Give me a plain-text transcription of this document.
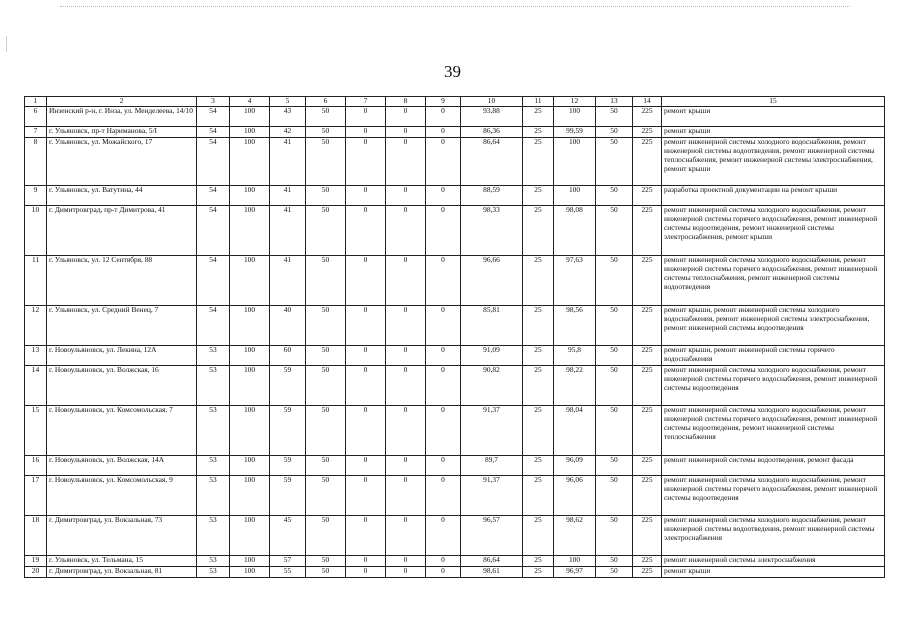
39
1	2	3	4	5	6	7	8	9	10	11	12	13	14	15
6	Инзенский р-н, г. Инза, ул. Менделеева, 14/10	54	100	43	50	0	0	0	93,88	25	100	50	225	ремонт крыши
7	г. Ульяновск, пр-т Нариманова, 5/I	54	100	42	50	0	0	0	86,36	25	99,59	50	225	ремонт крыши
8	г. Ульяновск, ул. Можайского, 17	54	100	41	50	0	0	0	86,64	25	100	50	225	ремонт инженерной системы холодного водоснабжения, ремонт инженерной системы водоотведения, ремонт инженерной системы теплоснабжения, ремонт инженерной системы электроснабжения, ремонт крыши
9	г. Ульяновск, ул. Ватутина, 44	54	100	41	50	0	0	0	88,59	25	100	50	225	разработка проектной документации на ремонт крыши
10	г. Димитровград, пр-т Димитрова, 41	54	100	41	50	0	0	0	98,33	25	98,08	50	225	ремонт инженерной системы холодного водоснабжения, ремонт инженерной системы горячего водоснабжения, ремонт инженерной системы водоотведения, ремонт инженерной системы электроснабжения, ремонт крыши
11	г. Ульяновск, ул. 12 Сентября, 88	54	100	41	50	0	0	0	96,66	25	97,63	50	225	ремонт инженерной системы холодного водоснабжения, ремонт инженерной системы горячего водоснабжения, ремонт инженерной системы теплоснабжения, ремонт инженерной системы водоотведения
12	г. Ульяновск, ул. Средний Венец, 7	54	100	40	50	0	0	0	85,81	25	98,56	50	225	ремонт крыши, ремонт инженерной системы холодного водоснабжения, ремонт инженерной системы электроснабжения, ремонт инженерной системы водоотведения
13	г. Новоульяновск, ул. Лекина, 12А	53	100	60	50	0	0	0	91,09	25	95,8	50	225	ремонт крыши, ремонт инженерной системы горячего водоснабжения
14	г. Новоульяновск, ул. Волжская, 16	53	100	59	50	0	0	0	90,82	25	98,22	50	225	ремонт инженерной системы холодного водоснабжения, ремонт инженерной системы горячего водоснабжения, ремонт инженерной системы водоотведения
15	г. Новоульяновск, ул. Комсомольская, 7	53	100	59	50	0	0	0	91,37	25	98,04	50	225	ремонт инженерной системы холодного водоснабжения, ремонт инженерной системы горячего водоснабжения, ремонт инженерной системы водоотведения, ремонт инженерной системы теплоснабжения
16	г. Новоульяновск, ул. Волжская, 14А	53	100	59	50	0	0	0	89,7	25	96,09	50	225	ремонт инженерной системы водоотведения, ремонт фасада
17	г. Новоульяновск, ул. Комсомольская, 9	53	100	59	50	0	0	0	91,37	25	96,06	50	225	ремонт инженерной системы холодного водоснабжения, ремонт инженерной системы горячего водоснабжения, ремонт инженерной системы водоотведения
18	г. Димитровград, ул. Вокзальная, 73	53	100	45	50	0	0	0	96,57	25	98,62	50	225	ремонт инженерной системы холодного водоснабжения, ремонт инженерной системы водоотведения, ремонт инженерной системы электроснабжения
19	г. Ульяновск, ул. Тельмана, 15	53	100	57	50	0	0	0	86,64	25	100	50	225	ремонт инженерной системы электроснабжения
20	г. Димитровград, ул. Вокзальная, 81	53	100	55	50	0	0	0	98,61	25	96,97	50	225	ремонт крыши
